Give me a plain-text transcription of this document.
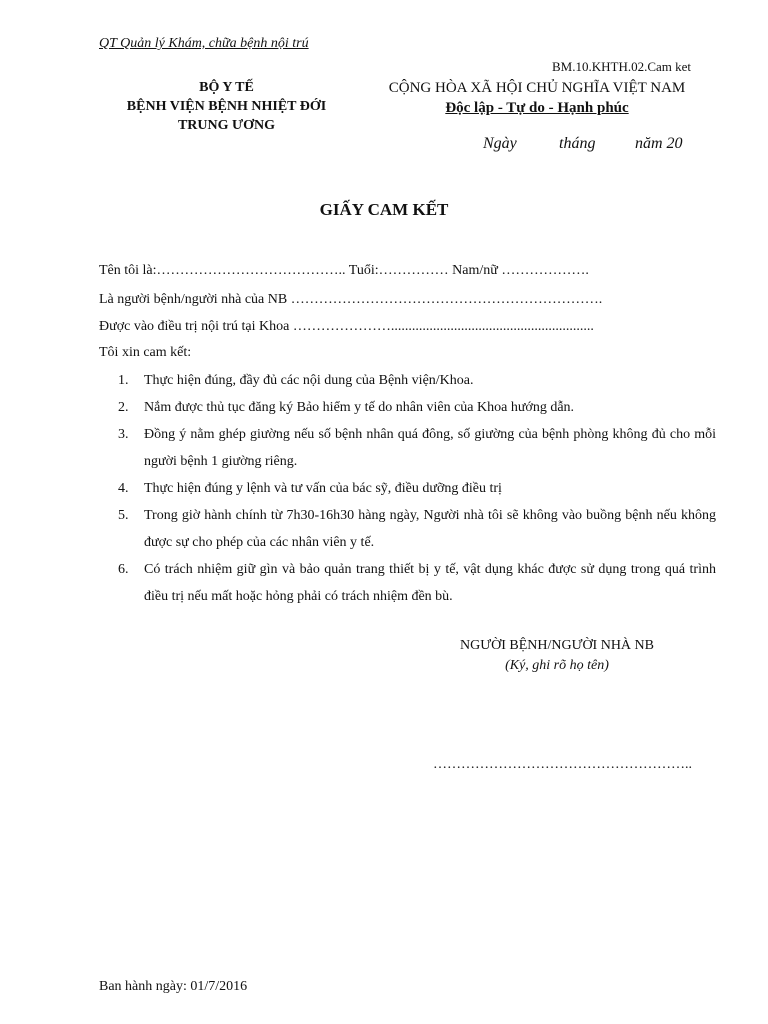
QT Quản lý Khám, chữa bệnh nội trú
BM.10.KHTH.02.Cam ket
BỘ Y TẾ
BỆNH VIỆN BỆNH NHIỆT ĐỚI
TRUNG ƯƠNG
CỘNG HÒA XÃ HỘI CHỦ NGHĨA VIỆT NAM
Độc lập - Tự do - Hạnh phúc
Ngày	tháng năm 20
GIẤY CAM KẾT
Tên tôi là:………………………………….. Tuổi:…………… Nam/nữ ……………….
Là người bệnh/người nhà của NB ………………………………………………………….
Được vào điều trị nội trú tại Khoa …………………..........................................................
Tôi xin cam kết:
1. Thực hiện đúng, đầy đủ các nội dung của Bệnh viện/Khoa.
2. Nắm được thủ tục đăng ký Bảo hiểm y tế do nhân viên của Khoa hướng dẫn.
3. Đồng ý nằm ghép giường nếu số bệnh nhân quá đông, số giường của bệnh phòng không đủ cho mỗi người bệnh 1 giường riêng.
4. Thực hiện đúng y lệnh và tư vấn của bác sỹ, điều dưỡng điều trị
5. Trong giờ hành chính từ 7h30-16h30 hàng ngày, Người nhà tôi sẽ không vào buồng bệnh nếu không được sự cho phép của các nhân viên y tế.
6. Có trách nhiệm giữ gìn và bảo quản trang thiết bị y tế, vật dụng khác được sử dụng trong quá trình điều trị nếu mất hoặc hỏng phải có trách nhiệm đền bù.
NGƯỜI BỆNH/NGƯỜI NHÀ NB
(Ký, ghi rõ họ tên)
………………………………………………..
Ban hành ngày: 01/7/2016
